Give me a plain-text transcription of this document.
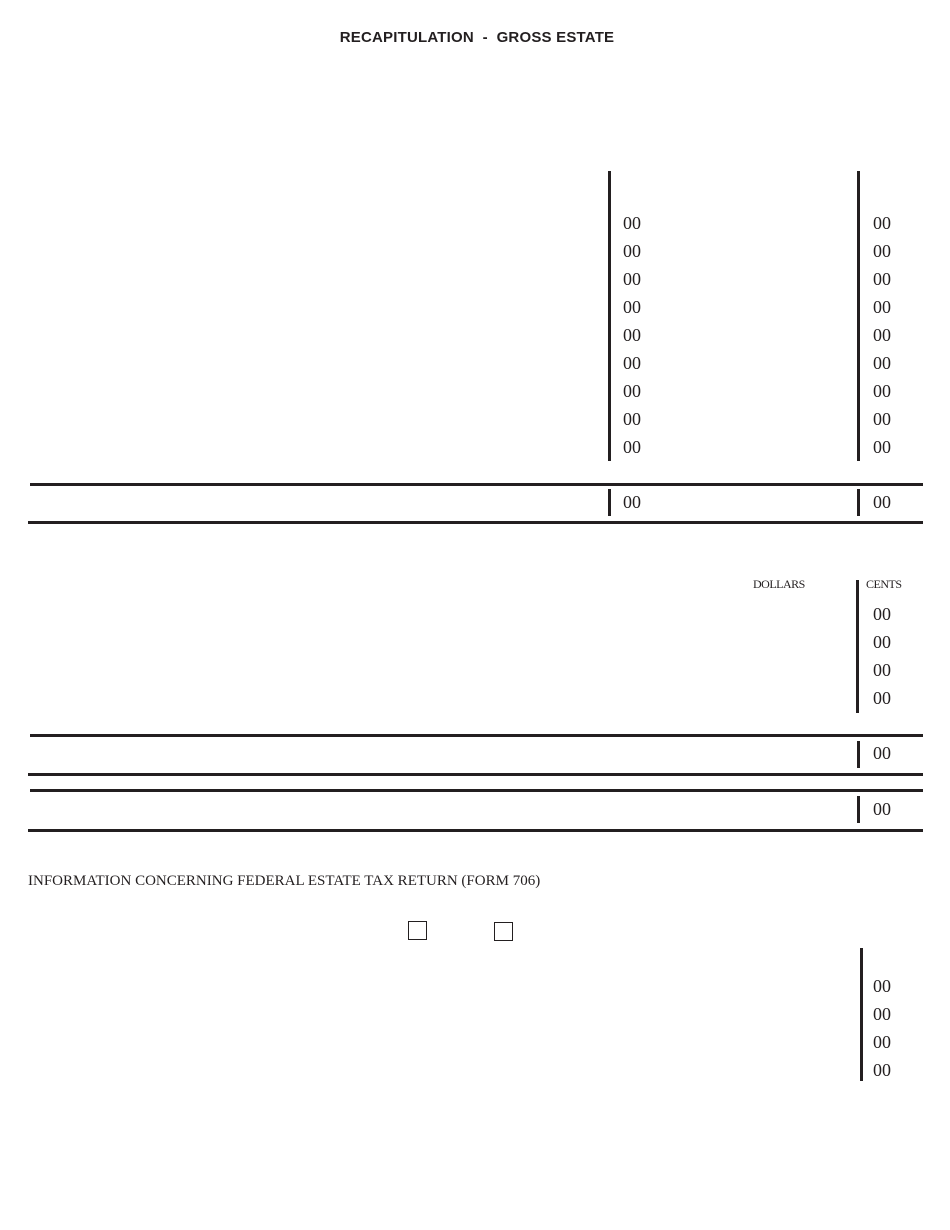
RECAPITULATION  -  GROSS ESTATE
00
00
00
00
00
00
00
00
00
00
00
00
00
00
00
00
00
00
00	00
DOLLARS	CENTS
00
00
00
00
00
00
INFORMATION CONCERNING FEDERAL ESTATE TAX RETURN (FORM 706)
00
00
00
00
